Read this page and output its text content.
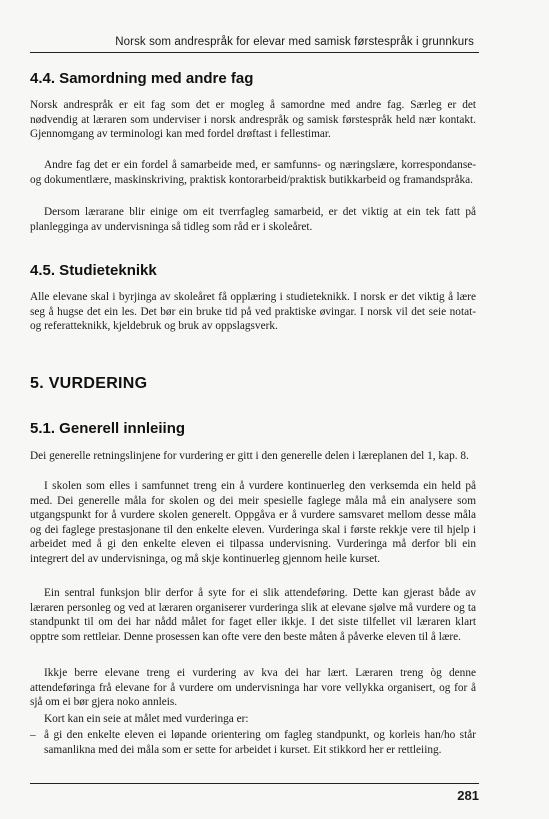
Norsk som andrespråk for elevar med samisk førstespråk i grunnkurs
4.4. Samordning med andre fag

Norsk andrespråk er eit fag som det er mogleg å samordne med andre fag. Særleg er det nødvendig at læraren som underviser i norsk andrespråk og samisk førstespråk held nær kontakt. Gjennomgang av terminologi kan med fordel drøftast i fellestimar.

Andre fag det er ein fordel å samarbeide med, er samfunns- og næringslære, korrespondanse- og dokumentlære, maskinskriving, praktisk kontorarbeid/praktisk butikkarbeid og framandspråka.

Dersom lærarane blir einige om eit tverrfagleg samarbeid, er det viktig at ein tek fatt på planlegginga av undervisninga så tidleg som råd er i skoleåret.

4.5. Studieteknikk

Alle elevane skal i byrjinga av skoleåret få opplæring i studieteknikk. I norsk er det viktig å lære seg å hugse det ein les. Det bør ein bruke tid på ved praktiske øvingar. I norsk vil det seie notat- og referatteknikk, kjeldebruk og bruk av oppslagsverk.

5. VURDERING
5.1. Generell innleiing

Dei generelle retningslinjene for vurdering er gitt i den generelle delen i læreplanen del 1, kap. 8.

I skolen som elles i samfunnet treng ein å vurdere kontinuerleg den verksemda ein held på med. Dei generelle måla for skolen og dei meir spesielle faglege måla må ein analysere som utgangspunkt for å vurdere skolen generelt. Oppgåva er å vurdere samsvaret mellom desse måla og dei faglege prestasjonane til den enkelte eleven. Vurderinga skal i første rekkje vere til hjelp i arbeidet med å gi den enkelte eleven ei tilpassa undervisning. Vurderinga må derfor bli ein integrert del av undervisninga, og må skje kontinuerleg gjennom heile kurset.

Ein sentral funksjon blir derfor å syte for ei slik attendeføring. Dette kan gjerast både av læraren personleg og ved at læraren organiserer vurderinga slik at elevane sjølve må vurdere og ta standpunkt til om dei har nådd målet for faget eller ikkje. I det siste tilfellet vil læraren klart opptre som rettleiar. Denne prosessen kan ofte vere den beste måten å påverke eleven til å lære.

Ikkje berre elevane treng ei vurdering av kva dei har lært. Læraren treng òg denne attendeføringa frå elevane for å vurdere om undervisninga har vore vellykka organisert, og for å sjå om ei bør gjera noko annleis.

Kort kan ein seie at målet med vurderinga er:

– å gi den enkelte eleven ei løpande orientering om fagleg standpunkt, og korleis han/ho står samanlikna med dei måla som er sette for arbeidet i kurset. Eit stikkord her er rettleiing.
281
